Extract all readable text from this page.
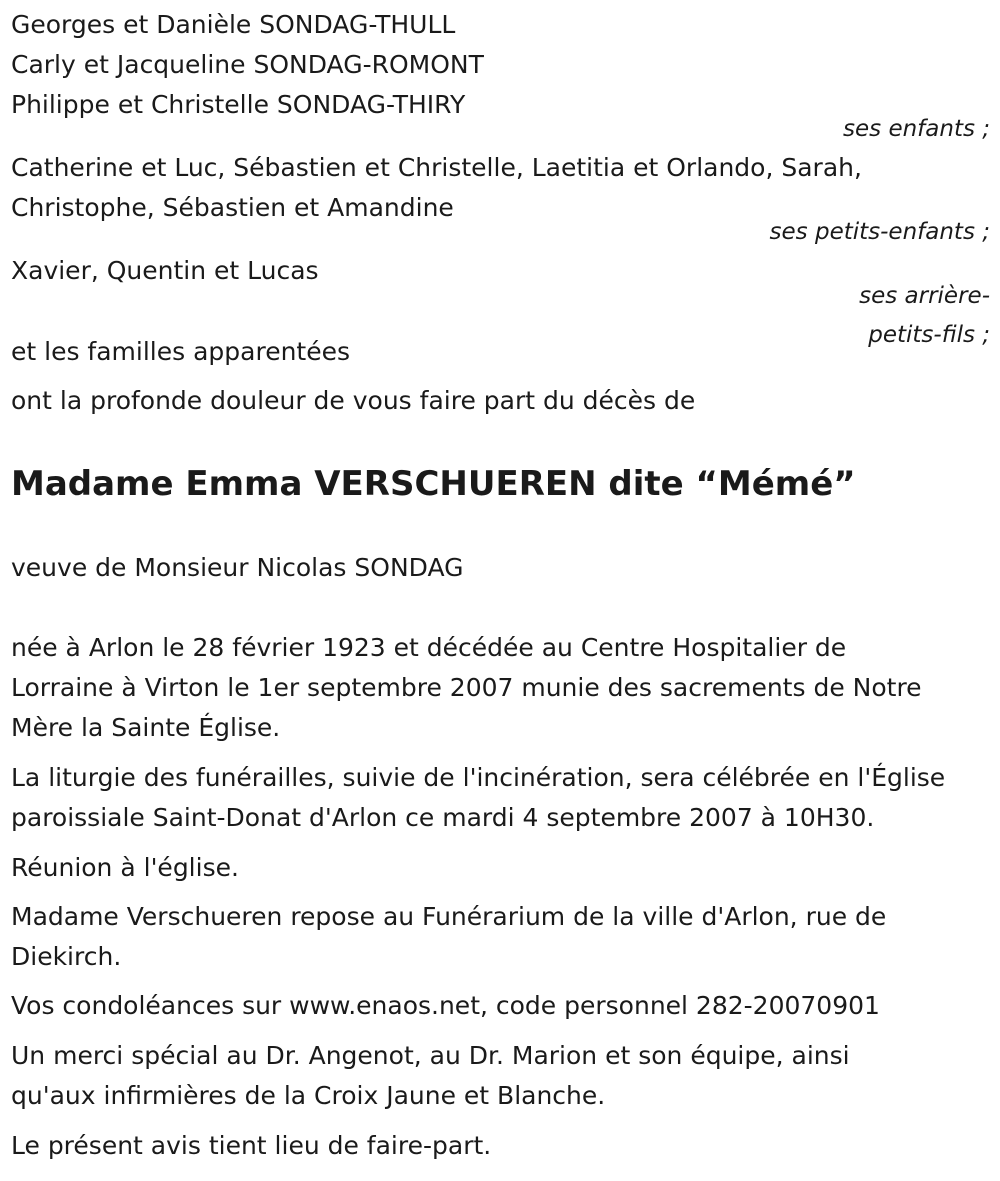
Georges et Danièle SONDAG-THULL
Carly et Jacqueline SONDAG-ROMONT
Philippe et Christelle SONDAG-THIRY
ses enfants ;
Catherine et Luc, Sébastien et Christelle, Laetitia et Orlando, Sarah,
Christophe, Sébastien et Amandine
ses petits-enfants ;
Xavier, Quentin et Lucas
ses arrière-
petits-fils ;
et les familles apparentées
ont la profonde douleur de vous faire part du décès de
Madame Emma VERSCHUEREN dite “Mémé”
veuve de Monsieur Nicolas SONDAG
née à Arlon le 28 février 1923 et décédée au Centre Hospitalier de
Lorraine à Virton le 1er septembre 2007 munie des sacrements de Notre
Mère la Sainte Église.
La liturgie des funérailles, suivie de l'incinération, sera célébrée en l'Église
paroissiale Saint-Donat d'Arlon ce mardi 4 septembre 2007 à 10H30.
Réunion à l'église.
Madame Verschueren repose au Funérarium de la ville d'Arlon, rue de
Diekirch.
Vos condoléances sur www.enaos.net, code personnel 282-20070901
Un merci spécial au Dr. Angenot, au Dr. Marion et son équipe, ainsi
qu'aux infirmières de la Croix Jaune et Blanche.
Le présent avis tient lieu de faire-part.
